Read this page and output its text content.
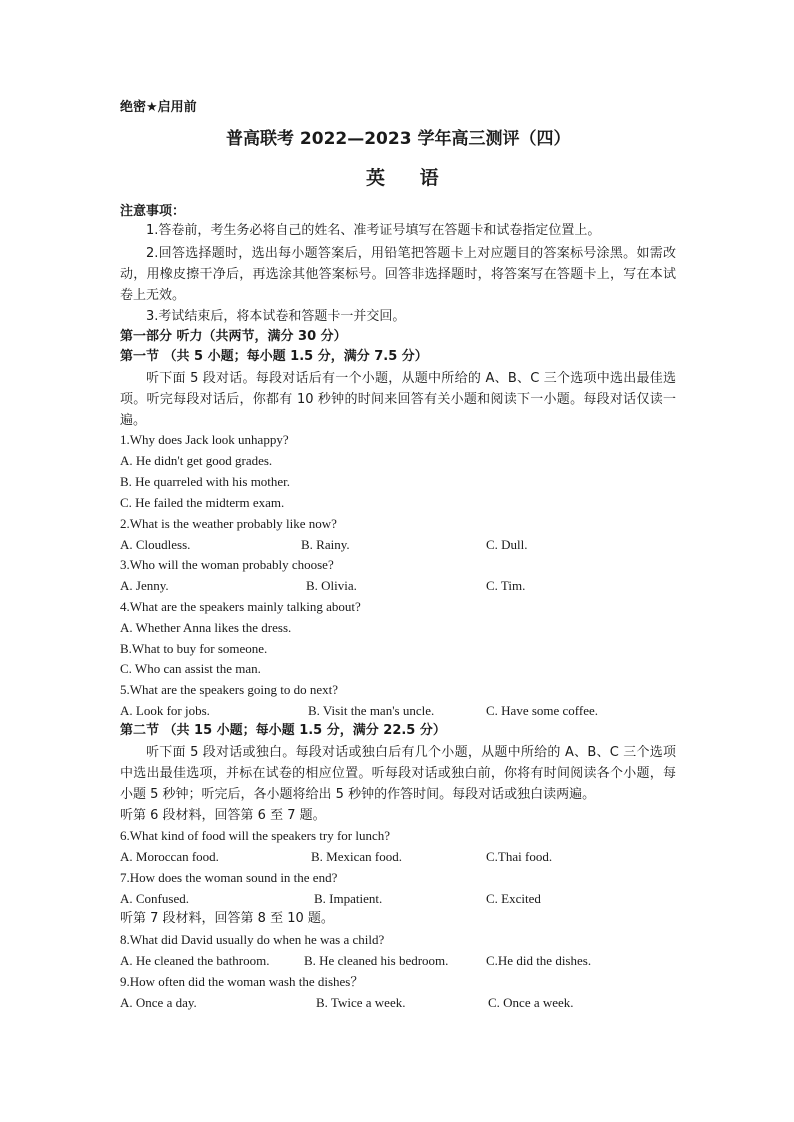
绝密★启用前
普高联考 2022—2023 学年高三测评（四）
英 语
注意事项：
1.答卷前，考生务必将自己的姓名、准考证号填写在答题卡和试卷指定位置上。
2.回答选择题时，选出每小题答案后，用铅笔把答题卡上对应题目的答案标号涂黑。如需改动，用橡皮擦干净后，再选涂其他答案标号。回答非选择题时，将答案写在答题卡上，写在本试卷上无效。
3.考试结束后，将本试卷和答题卡一并交回。
第一部分 听力（共两节，满分 30 分）
第一节 （共 5 小题；每小题 1.5 分，满分 7.5 分）
听下面 5 段对话。每段对话后有一个小题，从题中所给的 A、B、C 三个选项中选出最佳选项。听完每段对话后，你都有 10 秒钟的时间来回答有关小题和阅读下一小题。每段对话仅读一遍。
1.Why does Jack look unhappy?
A. He didn't get good grades.
B. He quarreled with his mother.
C. He failed the midterm exam.
2.What is the weather probably like now?
A. Cloudless.	B. Rainy.	C. Dull.
3.Who will the woman probably choose?
A. Jenny.	B. Olivia.	C. Tim.
4.What are the speakers mainly talking about?
A. Whether Anna likes the dress.
B.What to buy for someone.
C. Who can assist the man.
5.What are the speakers going to do next?
A. Look for jobs.	B. Visit the man's uncle.	C. Have some coffee.
第二节 （共 15 小题；每小题 1.5 分，满分 22.5 分）
听下面 5 段对话或独白。每段对话或独白后有几个小题，从题中所给的 A、B、C 三个选项中选出最佳选项，并标在试卷的相应位置。听每段对话或独白前，你将有时间阅读各个小题，每小题 5 秒钟；听完后，各小题将给出 5 秒钟的作答时间。每段对话或独白读两遍。
听第 6 段材料，回答第 6 至 7 题。
6.What kind of food will the speakers try for lunch?
A. Moroccan food.	B. Mexican food.	C.Thai food.
7.How does the woman sound in the end?
A. Confused.	B. Impatient.	C. Excited
听第 7 段材料，回答第 8 至 10 题。
8.What did David usually do when he was a child?
A. He cleaned the bathroom.	B. He cleaned his bedroom.	C.He did the dishes.
9.How often did the woman wash the dishes？
A. Once a day.	B. Twice a week.	C. Once a week.
